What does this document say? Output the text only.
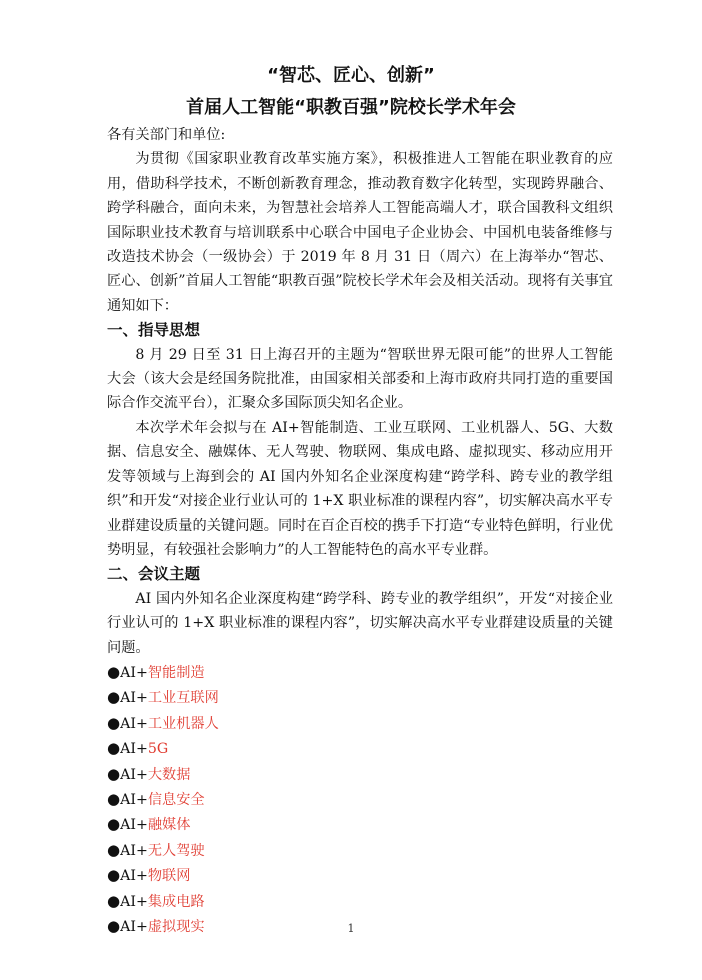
“智芯、匠心、创新”
首届人工智能“职教百强”院校长学术年会

各有关部门和单位:

为贯彻《国家职业教育改革实施方案》，积极推进人工智能在职业教育的应用，借助科学技术，不断创新教育理念，推动教育数字化转型，实现跨界融合、跨学科融合，面向未来，为智慧社会培养人工智能高端人才，联合国教科文组织国际职业技术教育与培训联系中心联合中国电子企业协会、中国机电装备维修与改造技术协会（一级协会）于 2019 年 8 月 31 日（周六）在上海举办“智芯、匠心、创新”首届人工智能“职教百强”院校长学术年会及相关活动。现将有关事宜通知如下：

一、指导思想

8 月 29 日至 31 日上海召开的主题为“智联世界无限可能”的世界人工智能大会（该大会是经国务院批准，由国家相关部委和上海市政府共同打造的重要国际合作交流平台），汇聚众多国际顶尖知名企业。

本次学术年会拟与在 AI+智能制造、工业互联网、工业机器人、5G、大数据、信息安全、融媒体、无人驾驶、物联网、集成电路、虚拟现实、移动应用开发等领域与上海到会的 AI 国内外知名企业深度构建“跨学科、跨专业的教学组织”和开发“对接企业行业认可的 1+X 职业标准的课程内容”，切实解决高水平专业群建设质量的关键问题。同时在百企百校的携手下打造“专业特色鲜明，行业优势明显，有较强社会影响力”的人工智能特色的高水平专业群。

二、会议主题

AI 国内外知名企业深度构建“跨学科、跨专业的教学组织”，开发“对接企业行业认可的 1+X 职业标准的课程内容”，切实解决高水平专业群建设质量的关键问题。

●AI+智能制造
●AI+工业互联网
●AI+工业机器人
●AI+5G
●AI+大数据
●AI+信息安全
●AI+融媒体
●AI+无人驾驶
●AI+物联网
●AI+集成电路
●AI+虚拟现实	1
